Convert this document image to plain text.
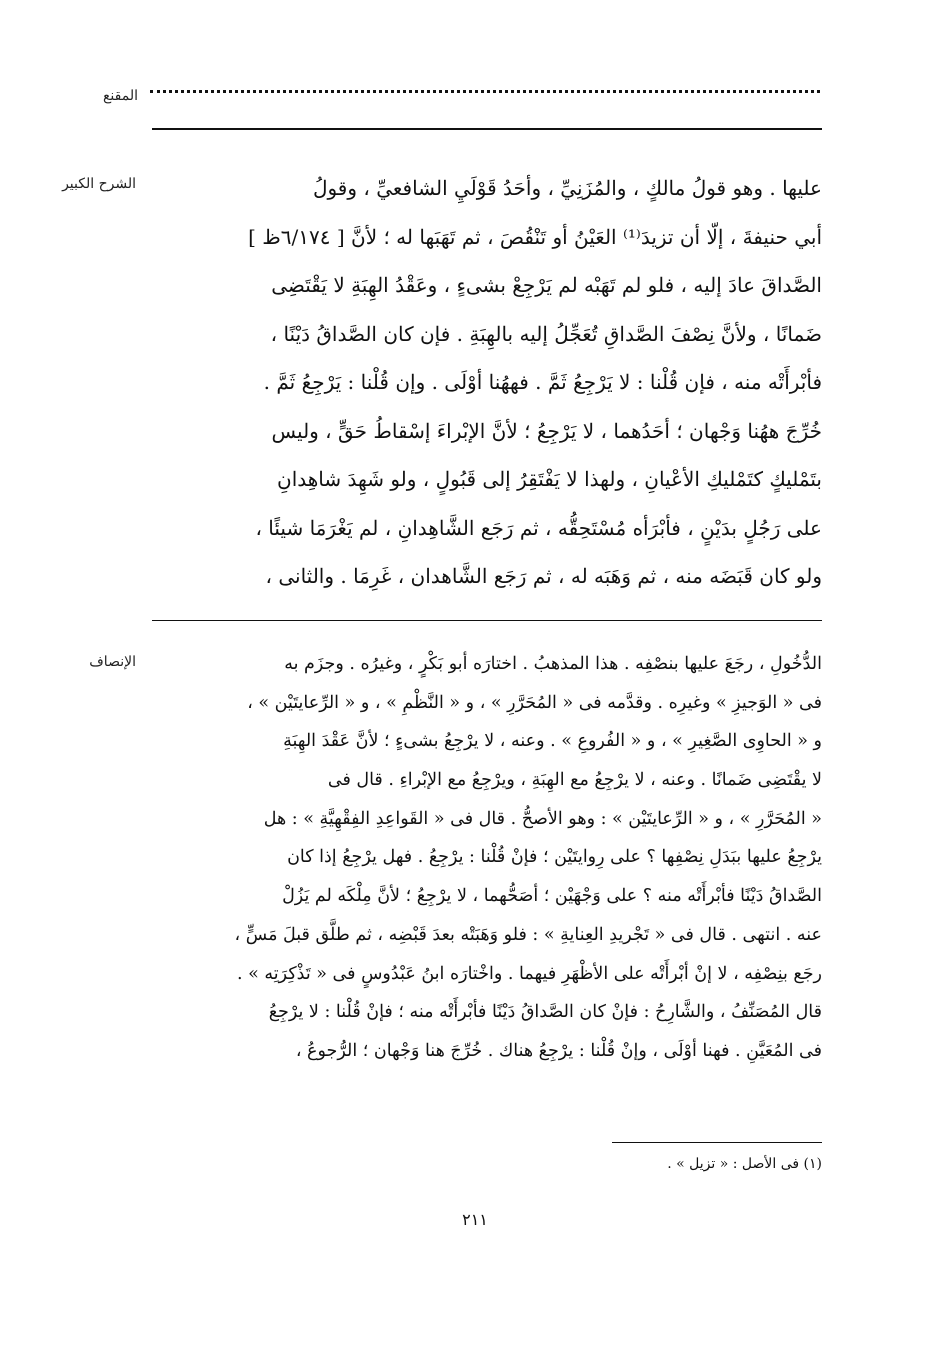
المقنع
الشرح الكبير	عليها . وهو قولُ مالكٍ ، والمُزَنِيِّ ، وأحَدُ قَوْلَيِ الشافعيِّ ، وقولُ
أبي حنيفةَ ، إلّا أن تزيدَ⁽¹⁾ العَيْنُ أو تَنْقُصَ ، ثم تَهَبَها له ؛ لأنَّ [ ٦/١٧٤ظ ]
الصَّداقَ عادَ إليه ، فلو لم تَهَبْه لم يَرْجِعْ بشىءٍ ، وعَقْدُ الهِبَةِ لا يَقْتَضِى
ضَمانًا ، ولأنَّ نِصْفَ الصَّداقِ تُعَجِّلُ إليه بالهِبَةِ . فإن كان الصَّداقُ دَيْنًا ،
فأبْرأَتْه منه ، فإن قُلْنا : لا يَرْجِعُ ثَمَّ . فههُنا أوْلَى . وإن قُلْنا : يَرْجِعُ ثَمَّ .
خُرِّجَ ههُنا وَجْهان ؛ أحَدُهما ، لا يَرْجِعُ ؛ لأنَّ الإبْراءَ إسْقاطُ حَقٍّ ، وليس
بتَمْليكٍ كتَمْليكِ الأعْيانِ ، ولهذا لا يَفْتَقِرُ إلى قَبُولٍ ، ولو شَهِدَ شاهِدانِ
على رَجُلٍ بدَيْنٍ ، فأبْرَأه مُسْتَحِقُّه ، ثم رَجَع الشَّاهِدانِ ، لم يَغْرَمَا شيئًا ،
ولو كان قَبَضَه منه ، ثم وَهَبَه له ، ثم رَجَع الشَّاهدان ، غَرِمَا . والثانى ،
الإنصاف	الدُّخُولِ ، رجَعَ عليها بنصْفِه . هذا المذهبُ . اختارَه أبو بَكْرٍ ، وغيرُه . وجزَم به
فى « الوَجيزِ » وغيرِه . وقدَّمه فى « المُحَرَّرِ » ، و « النَّظْمِ » ، و « الرِّعايتَيْن » ،
و « الحاوِى الصَّغِيرِ » ، و « الفُروعِ » . وعنه ، لا يرْجِعُ بشىءٍ ؛ لأنَّ عَقْدَ الهِبَةِ
لا يقْتَضِى ضَمانًا . وعنه ، لا يرْجِعُ مع الهِبَةِ ، ويرْجِعُ مع الإبْراءِ . قال فى
« المُحَرَّرِ » ، و « الرِّعايتَيْن » : وهو الأصحُّ . قال فى « القَواعِدِ الفِقْهِيَّةِ » : هل
يرْجِعُ عليها ببَدَلِ نِصْفِها ؟ على رِوايتَيْن ؛ فإنْ قُلْنا : يرْجِعُ . فهل يرْجِعُ إذا كان
الصَّداقُ دَيْنًا فأبْرأَتْه منه ؟ على وَجْهَيْن ؛ أصَحُّهما ، لا يرْجِعُ ؛ لأنَّ مِلْكَه لم يَزُلْ
عنه . انتهى . قال فى « تَجْريدِ العِنايةِ » : فلو وَهَبَتْه بعدَ قَبْضِه ، ثم طلَّق قبلَ مَسٍّ ،
رجَع بنِصْفِه ، لا إنْ أبْرأَتْه على الأظْهَرِ فيهما . واخْتارَه ابنُ عَبْدُوسٍ فى « تَذْكِرَتِه » .
قال المُصَنِّفُ ، والشَّارِحُ : فإنْ كان الصَّداقُ دَيْنًا فأبْرأَتْه منه ؛ فإنْ قُلْنا : لا يرْجِعُ
فى المُعَيَّنِ . فهنا أوْلَى ، وإنْ قُلْنا : يرْجِعُ هناك . خُرِّجَ هنا وَجْهان ؛ الرُّجوعُ ،
(١) فى الأصل : « تزيل » .
٢١١
